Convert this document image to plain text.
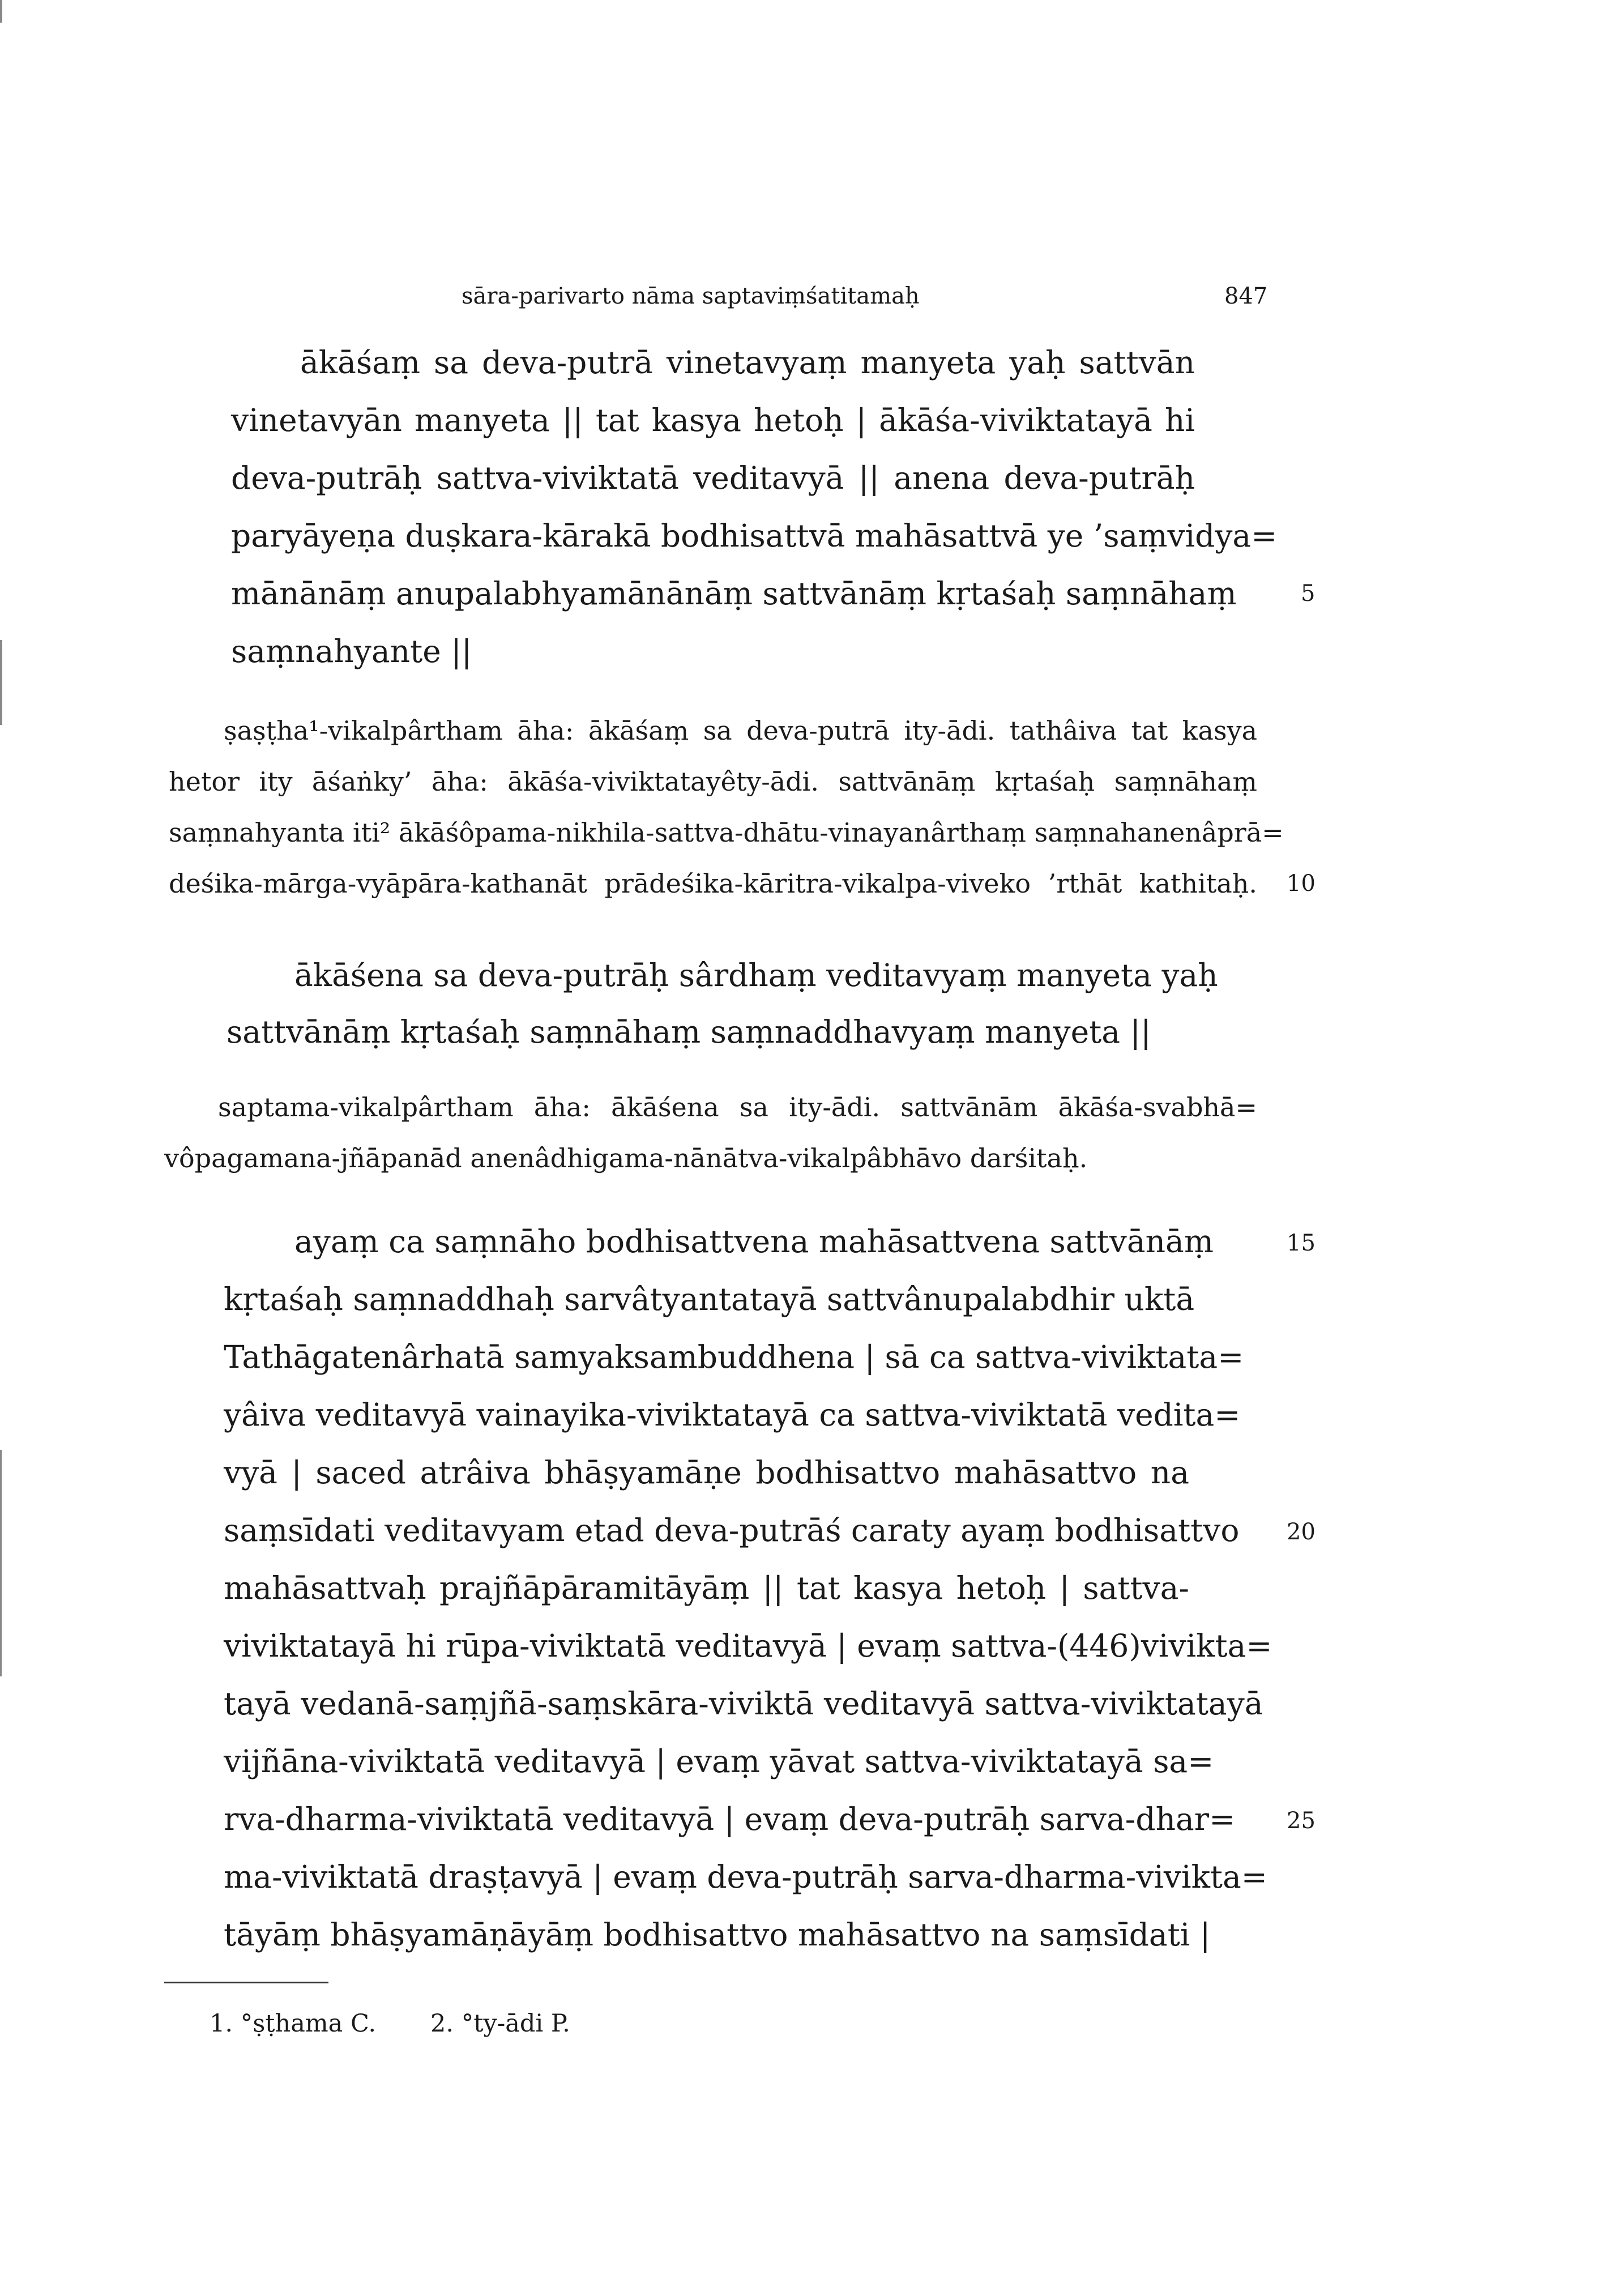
sāra-parivarto nāma saptaviṃśatitamaḥ	847
ākāśaṃ sa deva-putrā vinetavyaṃ manyeta yaḥ sattvān
vinetavyān manyeta || tat kasya hetoḥ | ākāśa-viviktatayā hi
deva-putrāḥ sattva-viviktatā veditavyā || anena deva-putrāḥ
paryāyeṇa duṣkara-kārakā bodhisattvā mahāsattvā ye ’saṃvidya=
mānānāṃ anupalabhyamānānāṃ sattvānāṃ kṛtaśaḥ saṃnāhaṃ	5
saṃnahyante ||
ṣaṣṭha¹-vikalpârtham āha: ākāśaṃ sa deva-putrā ity-ādi. tathâiva tat kasya
hetor ity āśaṅky’ āha: ākāśa-viviktatayêty-ādi. sattvānāṃ kṛtaśaḥ saṃnāhaṃ
saṃnahyanta iti² ākāśôpama-nikhila-sattva-dhātu-vinayanârthaṃ saṃnahanenâprā=
deśika-mārga-vyāpāra-kathanāt prādeśika-kāritra-vikalpa-viveko ’rthāt kathitaḥ. 10
ākāśena sa deva-putrāḥ sârdhaṃ veditavyaṃ manyeta yaḥ
sattvānāṃ kṛtaśaḥ saṃnāhaṃ saṃnaddhavyaṃ manyeta ||
saptama-vikalpârtham āha: ākāśena sa ity-ādi. sattvānām ākāśa-svabhā=
vôpagamana-jñāpanād anenâdhigama-nānātva-vikalpâbhāvo darśitaḥ.
ayaṃ ca saṃnāho bodhisattvena mahāsattvena sattvānāṃ	15
kṛtaśaḥ saṃnaddhaḥ sarvâtyantatayā sattvânupalabdhir uktā
Tathāgatenârhatā samyaksambuddhena | sā ca sattva-viviktata=
yâiva veditavyā vainayika-viviktatayā ca sattva-viviktatā vedita=
vyā | saced atrâiva bhāṣyamāṇe bodhisattvo mahāsattvo na
saṃsīdati veditavyam etad deva-putrāś caraty ayaṃ bodhisattvo 20
mahāsattvaḥ prajñāpāramitāyāṃ || tat kasya hetoḥ | sattva-
viviktatayā hi rūpa-viviktatā veditavyā | evaṃ sattva-(446)vivikta=
tayā vedanā-saṃjñā-saṃskāra-viviktā veditavyā sattva-viviktatayā
vijñāna-viviktatā veditavyā | evaṃ yāvat sattva-viviktatayā sa=
rva-dharma-viviktatā veditavyā | evaṃ deva-putrāḥ sarva-dhar= 25
ma-viviktatā draṣṭavyā | evaṃ deva-putrāḥ sarva-dharma-vivikta=
tāyāṃ bhāṣyamāṇāyāṃ bodhisattvo mahāsattvo na saṃsīdati |
1. °ṣṭhama C. 2. °ty-ādi P.
